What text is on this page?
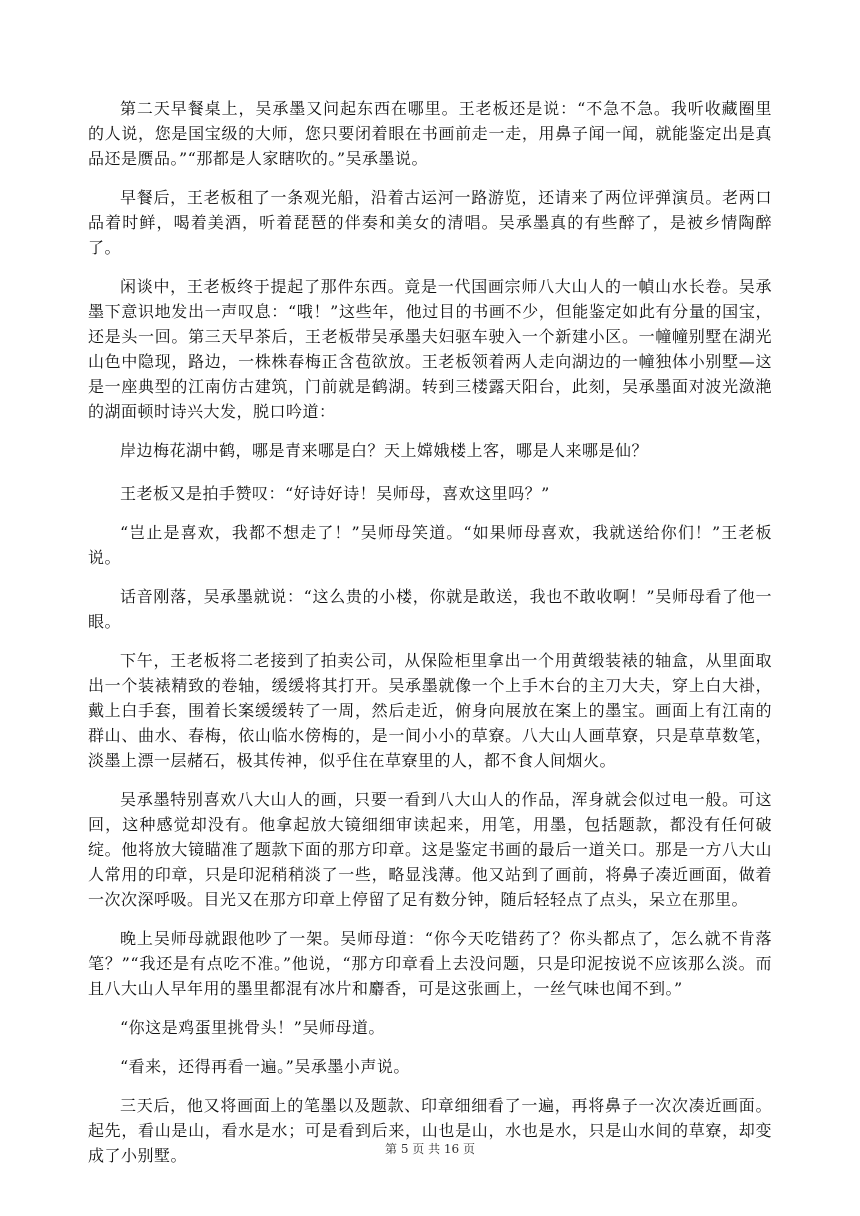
第二天早餐桌上，吴承墨又问起东西在哪里。王老板还是说：“不急不急。我听收藏圈里的人说，您是国宝级的大师，您只要闭着眼在书画前走一走，用鼻子闻一闻，就能鉴定出是真品还是赝品。”“那都是人家瞎吹的。”吴承墨说。

早餐后，王老板租了一条观光船，沿着古运河一路游览，还请来了两位评弹演员。老两口品着时鲜，喝着美酒，听着琵琶的伴奏和美女的清唱。吴承墨真的有些醉了，是被乡情陶醉了。

闲谈中，王老板终于提起了那件东西。竟是一代国画宗师八大山人的一幀山水长卷。吴承墨下意识地发出一声叹息：“哦！”这些年，他过目的书画不少，但能鉴定如此有分量的国宝，还是头一回。第三天早茶后，王老板带吴承墨夫妇驱车驶入一个新建小区。一幢幢别墅在湖光山色中隐现，路边，一株株春梅正含苞欲放。王老板领着两人走向湖边的一幢独体小别墅—这是一座典型的江南仿古建筑，门前就是鹤湖。转到三楼露天阳台，此刻，吴承墨面对波光潋滟的湖面顿时诗兴大发，脱口吟道：

岸边梅花湖中鹤，哪是青来哪是白？天上嫦娥楼上客，哪是人来哪是仙？

王老板又是拍手赞叹：“好诗好诗！吴师母，喜欢这里吗？”

“岂止是喜欢，我都不想走了！”吴师母笑道。“如果师母喜欢，我就送给你们！”王老板说。

话音刚落，吴承墨就说：“这么贵的小楼，你就是敢送，我也不敢收啊！”吴师母看了他一眼。

下午，王老板将二老接到了拍卖公司，从保险柜里拿出一个用黄缎装裱的轴盒，从里面取出一个装裱精致的卷轴，缓缓将其打开。吴承墨就像一个上手木台的主刀大夫，穿上白大褂，戴上白手套，围着长案缓缓转了一周，然后走近，俯身向展放在案上的墨宝。画面上有江南的群山、曲水、春梅，依山临水傍梅的，是一间小小的草寮。八大山人画草寮，只是草草数笔，淡墨上漂一层赭石，极其传神，似乎住在草寮里的人，都不食人间烟火。

吴承墨特别喜欢八大山人的画，只要一看到八大山人的作品，浑身就会似过电一般。可这回，这种感觉却没有。他拿起放大镜细细审读起来，用笔，用墨，包括题款，都没有任何破绽。他将放大镜瞄准了题款下面的那方印章。这是鉴定书画的最后一道关口。那是一方八大山人常用的印章，只是印泥稍稍淡了一些，略显浅薄。他又站到了画前，将鼻子凑近画面，做着一次次深呼吸。目光又在那方印章上停留了足有数分钟，随后轻轻点了点头，呆立在那里。

晚上吴师母就跟他吵了一架。吴师母道：“你今天吃错药了？你头都点了，怎么就不肯落笔？”“我还是有点吃不准。”他说，“那方印章看上去没问题，只是印泥按说不应该那么淡。而且八大山人早年用的墨里都混有冰片和麝香，可是这张画上，一丝气味也闻不到。”

“你这是鸡蛋里挑骨头！”吴师母道。

“看来，还得再看一遍。”吴承墨小声说。

三天后，他又将画面上的笔墨以及题款、印章细细看了一遍，再将鼻子一次次凑近画面。起先，看山是山，看水是水；可是看到后来，山也是山，水也是水，只是山水间的草寮，却变成了小别墅。	第 5 页 共 16 页
